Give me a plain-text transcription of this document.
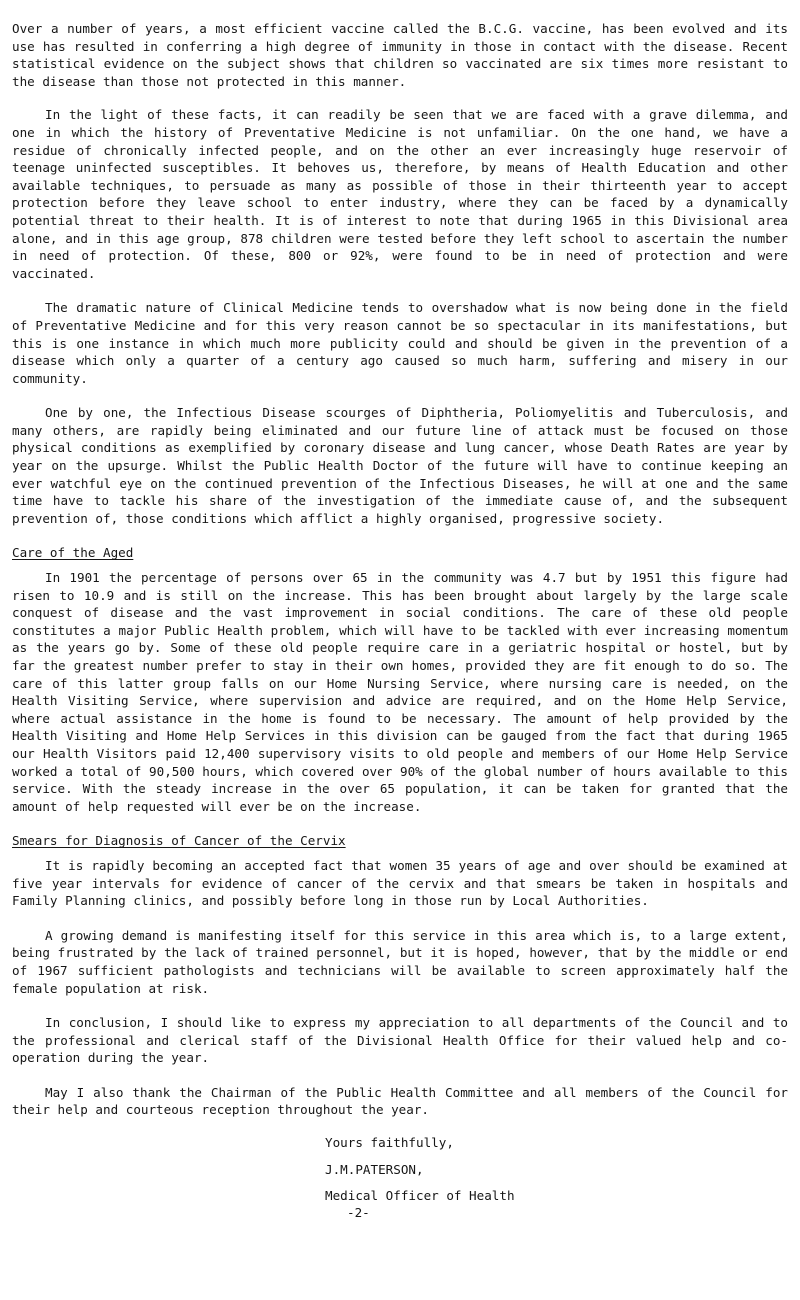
Over a number of years, a most efficient vaccine called the B.C.G. vaccine, has been evolved and its use has resulted in conferring a high degree of immunity in those in contact with the disease. Recent statistical evidence on the subject shows that children so vaccinated are six times more resistant to the disease than those not protected in this manner.

In the light of these facts, it can readily be seen that we are faced with a grave dilemma, and one in which the history of Preventative Medicine is not unfamiliar. On the one hand, we have a residue of chronically infected people, and on the other an ever increasingly huge reservoir of teenage uninfected susceptibles. It behoves us, therefore, by means of Health Education and other available techniques, to persuade as many as possible of those in their thirteenth year to accept protection before they leave school to enter industry, where they can be faced by a dynamically potential threat to their health. It is of interest to note that during 1965 in this Divisional area alone, and in this age group, 878 children were tested before they left school to ascertain the number in need of protection. Of these, 800 or 92%, were found to be in need of protection and were vaccinated.

The dramatic nature of Clinical Medicine tends to overshadow what is now being done in the field of Preventative Medicine and for this very reason cannot be so spectacular in its manifestations, but this is one instance in which much more publicity could and should be given in the prevention of a disease which only a quarter of a century ago caused so much harm, suffering and misery in our community.

One by one, the Infectious Disease scourges of Diphtheria, Poliomyelitis and Tuberculosis, and many others, are rapidly being eliminated and our future line of attack must be focused on those physical conditions as exemplified by coronary disease and lung cancer, whose Death Rates are year by year on the upsurge. Whilst the Public Health Doctor of the future will have to continue keeping an ever watchful eye on the continued prevention of the Infectious Diseases, he will at one and the same time have to tackle his share of the investigation of the immediate cause of, and the subsequent prevention of, those conditions which afflict a highly organised, progressive society.

Care of the Aged

In 1901 the percentage of persons over 65 in the community was 4.7 but by 1951 this figure had risen to 10.9 and is still on the increase. This has been brought about largely by the large scale conquest of disease and the vast improvement in social conditions. The care of these old people constitutes a major Public Health problem, which will have to be tackled with ever increasing momentum as the years go by. Some of these old people require care in a geriatric hospital or hostel, but by far the greatest number prefer to stay in their own homes, provided they are fit enough to do so. The care of this latter group falls on our Home Nursing Service, where nursing care is needed, on the Health Visiting Service, where supervision and advice are required, and on the Home Help Service, where actual assistance in the home is found to be necessary. The amount of help provided by the Health Visiting and Home Help Services in this division can be gauged from the fact that during 1965 our Health Visitors paid 12,400 supervisory visits to old people and members of our Home Help Service worked a total of 90,500 hours, which covered over 90% of the global number of hours available to this service. With the steady increase in the over 65 population, it can be taken for granted that the amount of help requested will ever be on the increase.

Smears for Diagnosis of Cancer of the Cervix

It is rapidly becoming an accepted fact that women 35 years of age and over should be examined at five year intervals for evidence of cancer of the cervix and that smears be taken in hospitals and Family Planning clinics, and possibly before long in those run by Local Authorities.

A growing demand is manifesting itself for this service in this area which is, to a large extent, being frustrated by the lack of trained personnel, but it is hoped, however, that by the middle or end of 1967 sufficient pathologists and technicians will be available to screen approximately half the female population at risk.

In conclusion, I should like to express my appreciation to all departments of the Council and to the professional and clerical staff of the Divisional Health Office for their valued help and co-operation during the year.

May I also thank the Chairman of the Public Health Committee and all members of the Council for their help and courteous reception throughout the year.

Yours faithfully,

J.M.PATERSON,

Medical Officer of Health

-2-
